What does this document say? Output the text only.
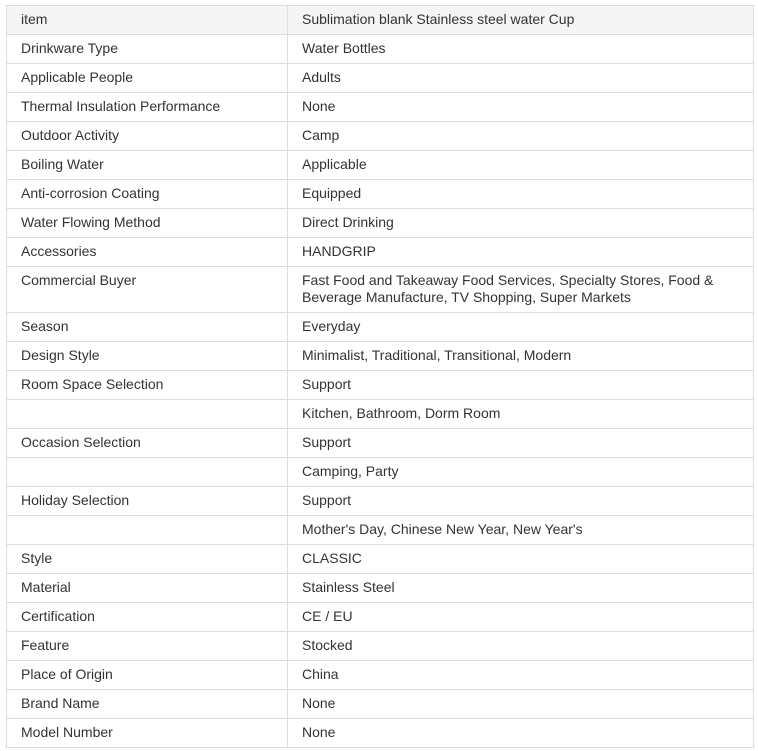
item	Sublimation blank Stainless steel water Cup
Drinkware Type	Water Bottles
Applicable People	Adults
Thermal Insulation Performance	None
Outdoor Activity	Camp
Boiling Water	Applicable
Anti-corrosion Coating	Equipped
Water Flowing Method	Direct Drinking
Accessories	HANDGRIP
Commercial Buyer	Fast Food and Takeaway Food Services, Specialty Stores, Food & Beverage Manufacture, TV Shopping, Super Markets
Season	Everyday
Design Style	Minimalist, Traditional, Transitional, Modern
Room Space Selection	Support
	Kitchen, Bathroom, Dorm Room
Occasion Selection	Support
	Camping, Party
Holiday Selection	Support
	Mother's Day, Chinese New Year, New Year's
Style	CLASSIC
Material	Stainless Steel
Certification	CE / EU
Feature	Stocked
Place of Origin	China
Brand Name	None
Model Number	None
